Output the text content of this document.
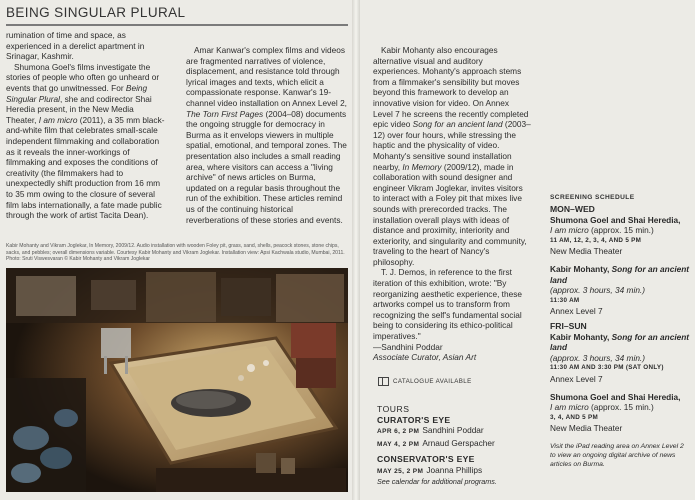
BEING SINGULAR PLURAL

rumination of time and space, as experienced in a derelict apartment in Srinagar, Kashmir.

Shumona Goel's films investigate the stories of people who often go unheard or events that go unwitnessed. For Being Singular Plural, she and codirector Shai Heredia present, in the New Media Theater, I am micro (2011), a 35 mm black-and-white film that celebrates small-scale independent filmmaking and collaboration as it reveals the inner-workings of filmmaking and exposes the conditions of creativity (the filmmakers had to unexpectedly shift production from 16 mm to 35 mm owing to the closure of several film labs internationally, a fate made public through the work of artist Tacita Dean).

Amar Kanwar's complex films and videos are fragmented narratives of violence, displacement, and resistance told through lyrical images and texts, which elicit a compassionate response. Kanwar's 19-channel video installation on Annex Level 2, The Torn First Pages (2004–08) documents the ongoing struggle for democracy in Burma as it envelops viewers in multiple spatial, emotional, and temporal zones. The presentation also includes a small reading area, where visitors can access a "living archive" of news articles on Burma, updated on a regular basis throughout the run of the exhibition. These articles remind us of the continuing historical reverberations of these stories and events.

Kabir Mohanty and Vikram Joglekar, In Memory, 2009/12. Audio installation with wooden Foley pit, grass, sand, shells, peacock stones, stone chips, sacks, and pebbles; overall dimensions variable. Courtesy Kabir Mohanty and Vikram Joglekar. Installation view: Apsi Kachwala studio, Mumbai, 2011. Photo: Sruti Viswesvaran © Kabir Mohanty and Vikram Joglekar

Kabir Mohanty also encourages alternative visual and auditory experiences. Mohanty's approach stems from a filmmaker's sensibility but moves beyond this framework to develop an innovative vision for video. On Annex Level 7 he screens the recently completed epic video Song for an ancient land (2003–12) over four hours, while stressing the haptic and the physicality of video. Mohanty's sensitive sound installation nearby, In Memory (2009/12), made in collaboration with sound designer and engineer Vikram Joglekar, invites visitors to interact with a Foley pit that mixes live sounds with prerecorded tracks. The installation overall plays with ideas of distance and proximity, interiority and exteriority, and singularity and community, traveling to the heart of Nancy's philosophy.

T. J. Demos, in reference to the first iteration of this exhibition, wrote: "By reorganizing aesthetic experience, these artworks compel us to transform from recognizing the self's fundamental social being to considering its ethico-political imperatives."

—Sandhini Poddar

Associate Curator, Asian Art

CATALOGUE AVAILABLE
TOURS
CURATOR'S EYE
APR 6, 2 PM Sandhini Poddar
MAY 4, 2 PM Arnaud Gerspacher
CONSERVATOR'S EYE
MAY 25, 2 PM Joanna Phillips
See calendar for additional programs.
SCREENING SCHEDULE
MON–WED
Shumona Goel and Shai Heredia,
I am micro (approx. 15 min.)
11 AM, 12, 2, 3, 4, AND 5 PM
New Media Theater
Kabir Mohanty, Song for an ancient land
(approx. 3 hours, 34 min.)
11:30 AM
Annex Level 7
FRI–SUN
Kabir Mohanty, Song for an ancient land
(approx. 3 hours, 34 min.)
11:30 AM AND 3:30 PM (SAT ONLY)
Annex Level 7
Shumona Goel and Shai Heredia,
I am micro (approx. 15 min.)
3, 4, AND 5 PM
New Media Theater
Visit the iPad reading area on Annex Level 2 to view an ongoing digital archive of news articles on Burma.
